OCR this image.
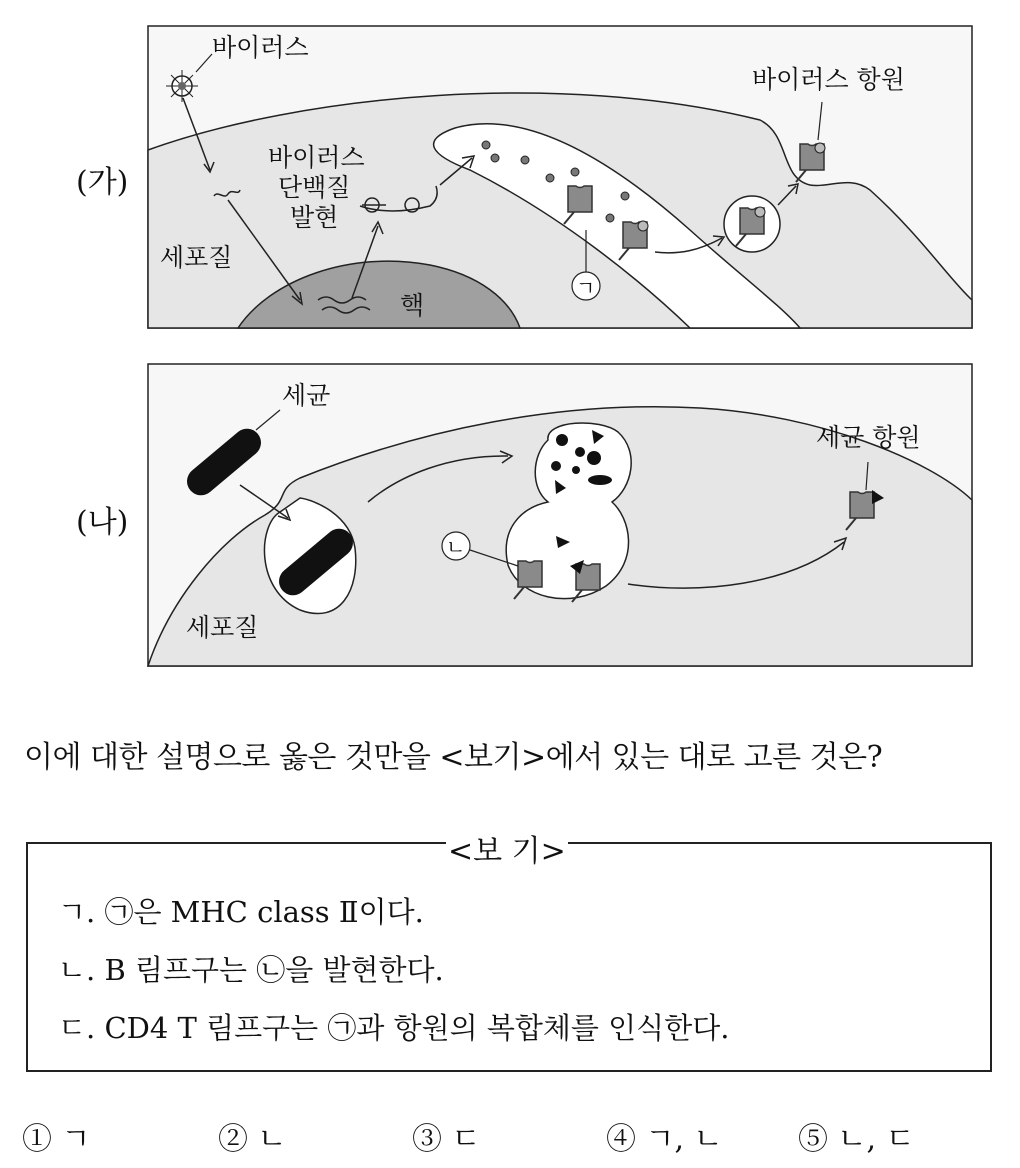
바이러스
바이러스 항원
바이러스
단백질
발현
세포질
핵
ㄱ
(나)
세균
세균 항원
세포질
ㄴ
(가)
이에 대한 설명으로 옳은 것만을 <보기>에서 있는 대로 고른 것은?
<보 기>
ㄱ. ㉠은 MHC class Ⅱ이다.
ㄴ. B 림프구는 ㉡을 발현한다.
ㄷ. CD4 T 림프구는 ㉠과 항원의 복합체를 인식한다.
① ㄱ	② ㄴ	③ ㄷ	④ ㄱ, ㄴ	⑤ ㄴ, ㄷ
